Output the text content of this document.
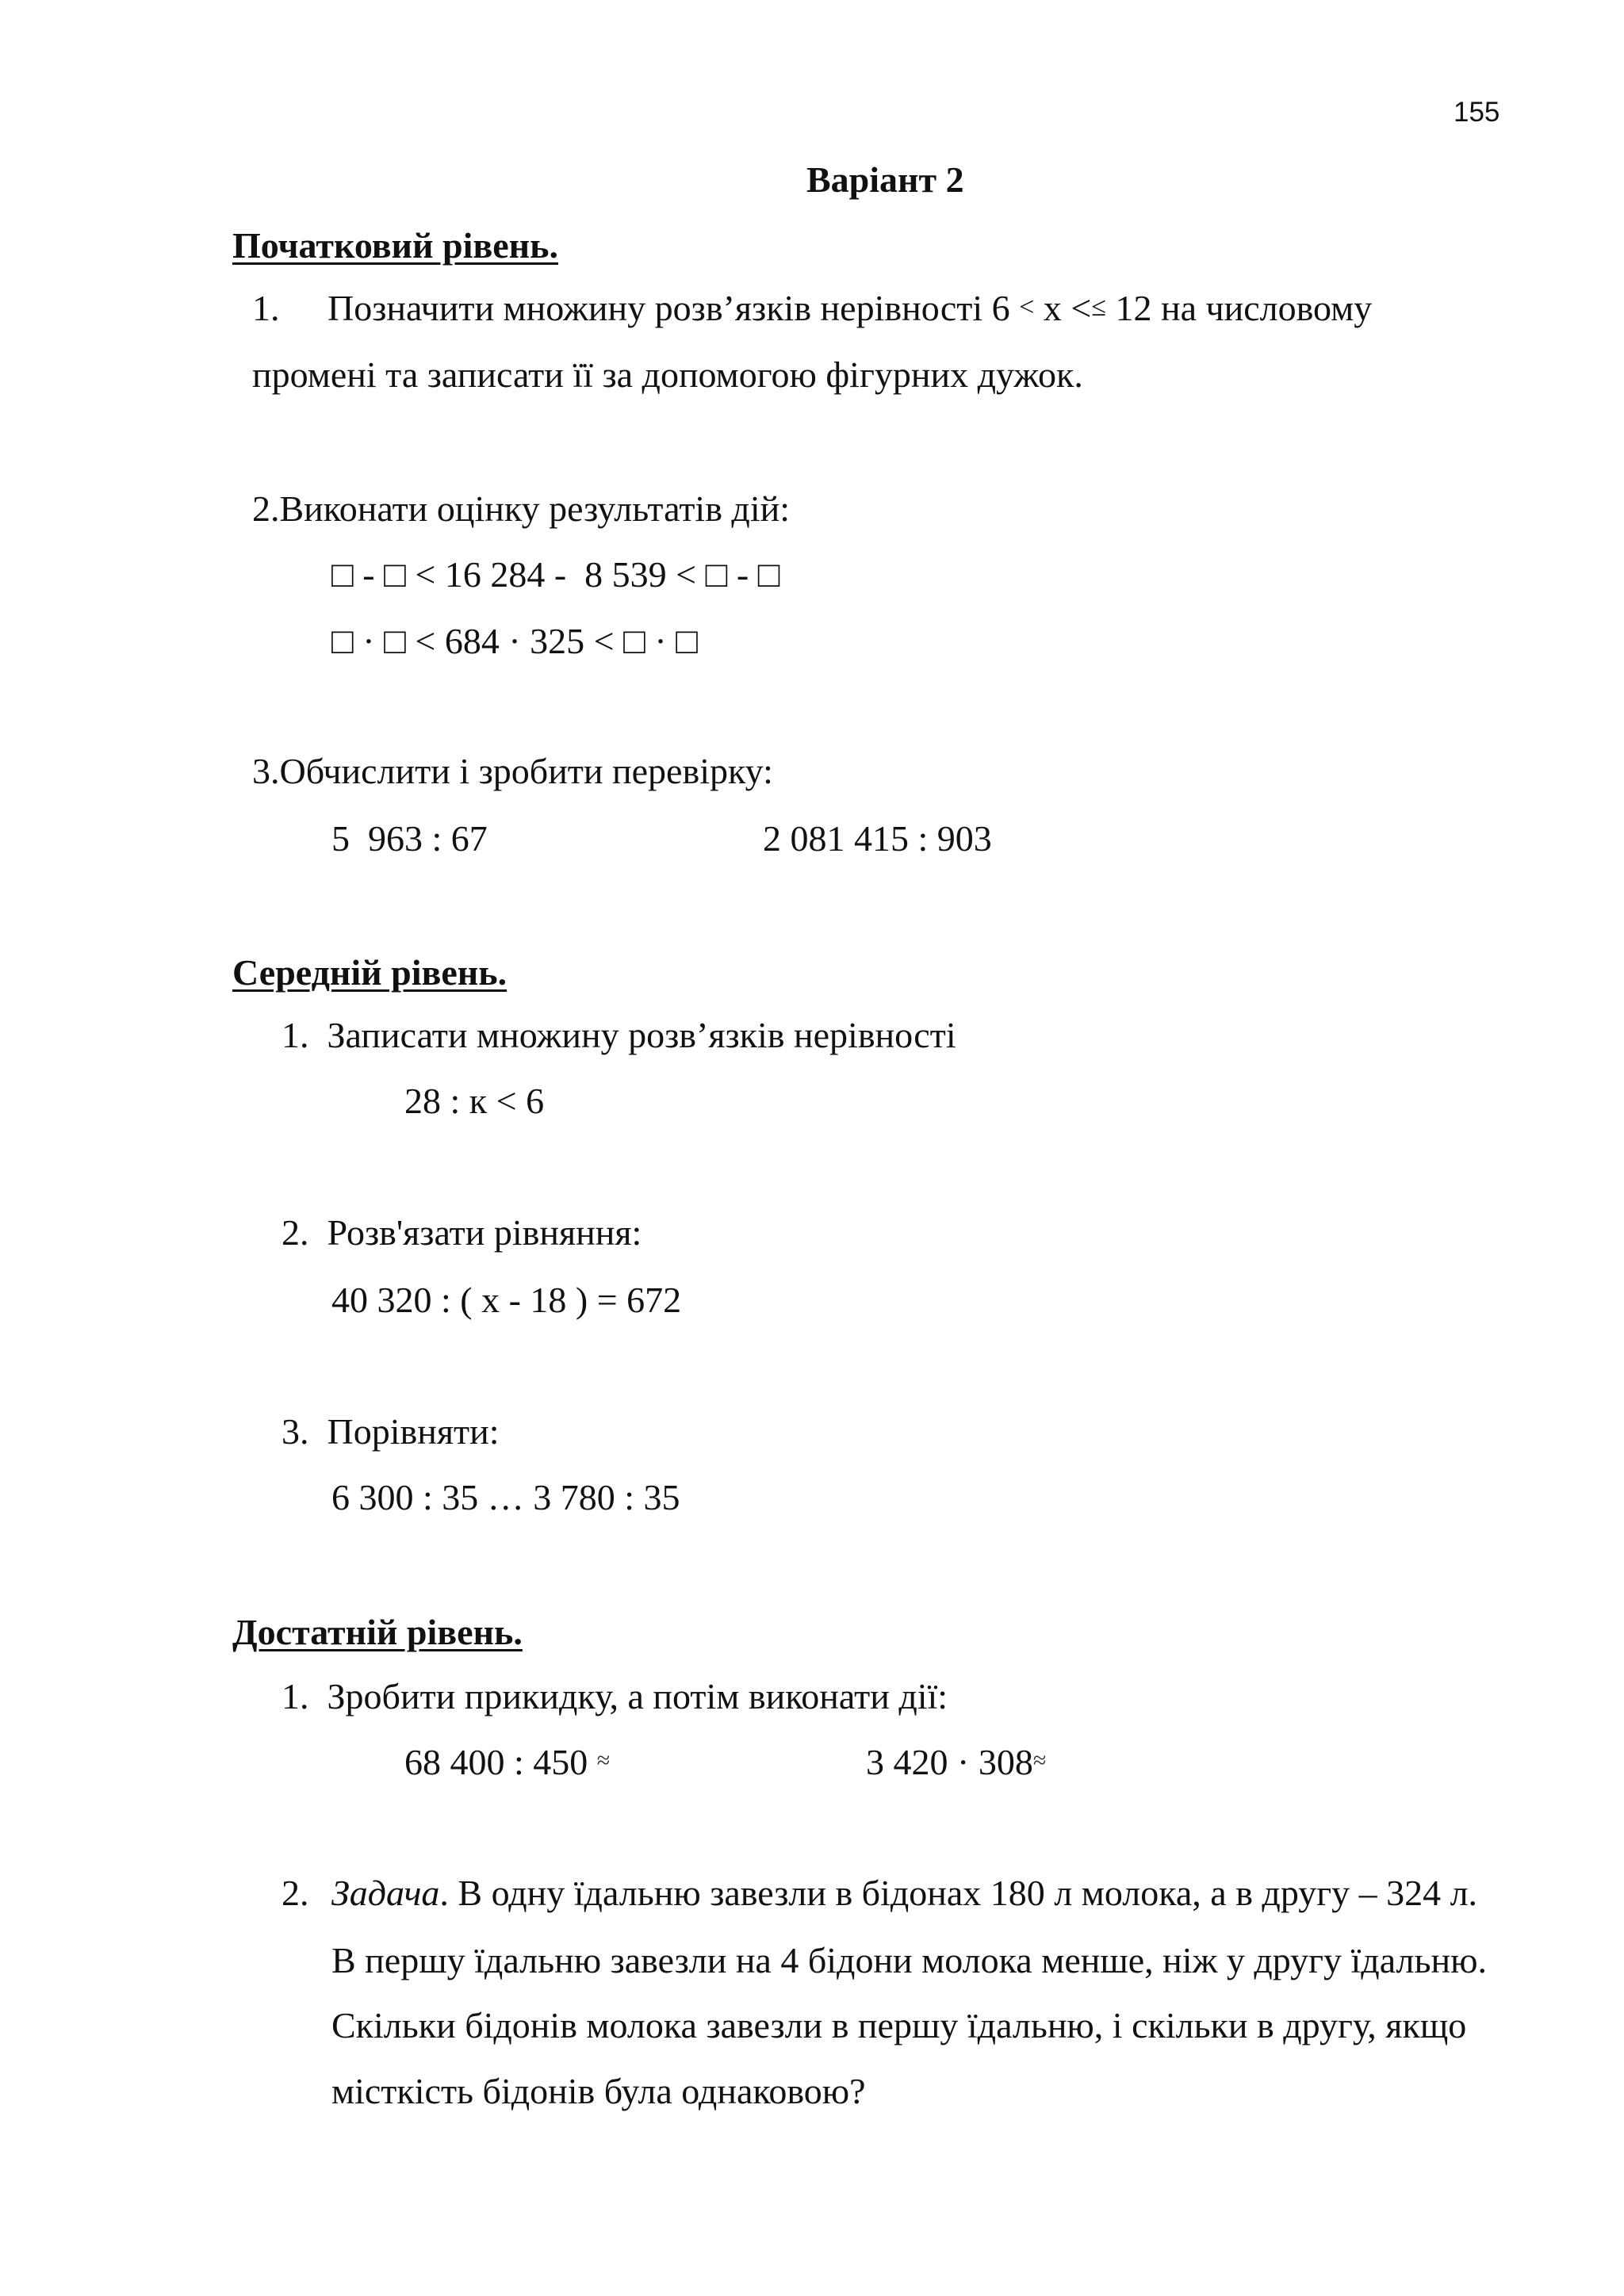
155
Варіант 2
Початковий рівень.
1. Позначити множину розв’язків нерівності 6 < х <≤ 12 на числовому
промені та записати її за допомогою фігурних дужок.
2.Виконати оцінку результатів дій:
□ - □ < 16 284 -  8 539 < □ - □
□ · □ < 684 · 325 < □ · □
3.Обчислити і зробити перевірку:
5  963 : 67	2 081 415 : 903
Середній рівень.
1.  Записати множину розв’язків нерівності
28 : к < 6
2.  Розв'язати рівняння:
40 320 : ( х - 18 ) = 672
3.  Порівняти:
6 300 : 35 … 3 780 : 35
Достатній рівень.
1.  Зробити прикидку, а потім виконати дії:
68 400 : 450 ≈	3 420 · 308≈
2. Задача. В одну їдальню завезли в бідонах 180 л молока, а в другу – 324 л.
В першу їдальню завезли на 4 бідони молока менше, ніж у другу їдальню.
Скільки бідонів молока завезли в першу їдальню, і скільки в другу, якщо
місткість бідонів була однаковою?
